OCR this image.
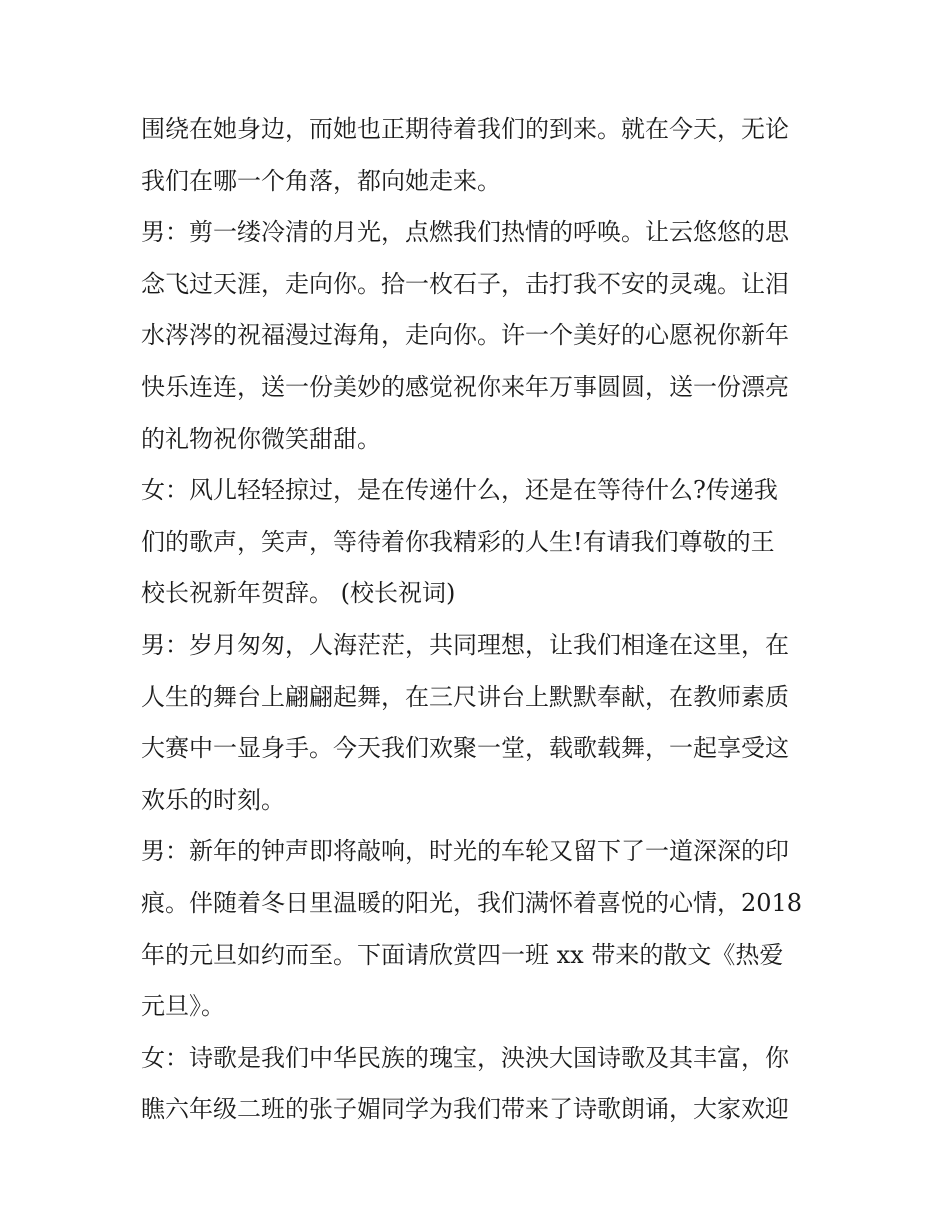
围绕在她身边，而她也正期待着我们的到来。就在今天，无论
我们在哪一个角落，都向她走来。
男：剪一缕冷清的月光，点燃我们热情的呼唤。让云悠悠的思
念飞过天涯，走向你。拾一枚石子，击打我不安的灵魂。让泪
水涔涔的祝福漫过海角，走向你。许一个美好的心愿祝你新年
快乐连连，送一份美妙的感觉祝你来年万事圆圆，送一份漂亮
的礼物祝你微笑甜甜。
女：风儿轻轻掠过，是在传递什么，还是在等待什么?传递我
们的歌声，笑声，等待着你我精彩的人生!有请我们尊敬的王
校长祝新年贺辞。 (校长祝词)
男：岁月匆匆，人海茫茫，共同理想，让我们相逢在这里，在
人生的舞台上翩翩起舞，在三尺讲台上默默奉献，在教师素质
大赛中一显身手。今天我们欢聚一堂，载歌载舞，一起享受这
欢乐的时刻。
男：新年的钟声即将敲响，时光的车轮又留下了一道深深的印
痕。伴随着冬日里温暖的阳光，我们满怀着喜悦的心情，2018
年的元旦如约而至。下面请欣赏四一班 xx 带来的散文《热爱
元旦》。
女：诗歌是我们中华民族的瑰宝，泱泱大国诗歌及其丰富，你
瞧六年级二班的张子媚同学为我们带来了诗歌朗诵，大家欢迎
